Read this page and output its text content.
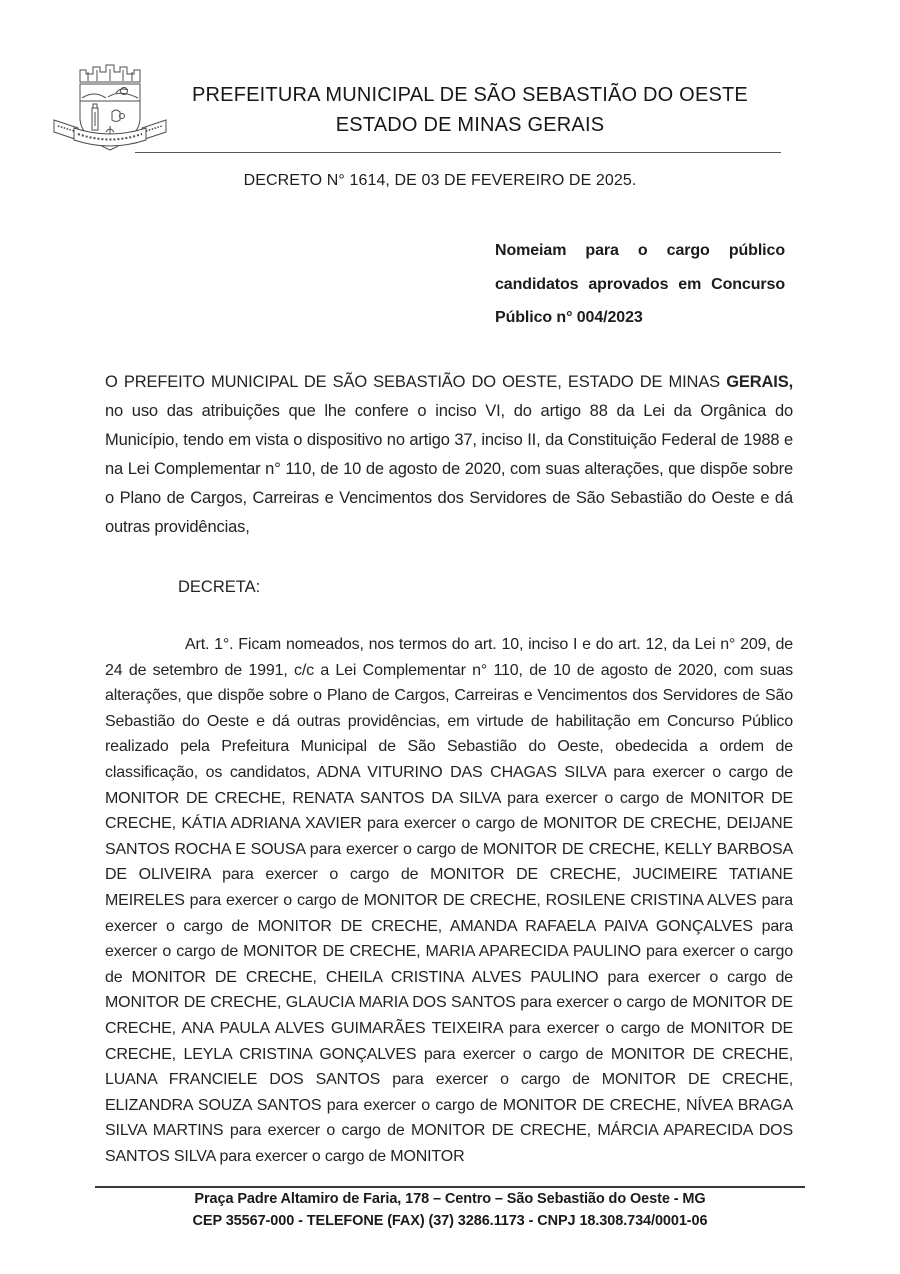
PREFEITURA MUNICIPAL DE SÃO SEBASTIÃO DO OESTE

ESTADO DE MINAS GERAIS

DECRETO N° 1614, DE 03 DE FEVEREIRO DE 2025.

Nomeiam para o cargo público candidatos aprovados em Concurso Público n° 004/2023

O PREFEITO MUNICIPAL DE SÃO SEBASTIÃO DO OESTE, ESTADO DE MINAS GERAIS, no uso das atribuições que lhe confere o inciso VI, do artigo 88 da Lei da Orgânica do Município, tendo em vista o dispositivo no artigo 37, inciso II, da Constituição Federal de 1988 e na Lei Complementar n° 110, de 10 de agosto de 2020, com suas alterações, que dispõe sobre o Plano de Cargos, Carreiras e Vencimentos dos Servidores de São Sebastião do Oeste e dá outras providências,

DECRETA:

Art. 1°. Ficam nomeados, nos termos do art. 10, inciso I e do art. 12, da Lei n° 209, de 24 de setembro de 1991, c/c a Lei Complementar n° 110, de 10 de agosto de 2020, com suas alterações, que dispõe sobre o Plano de Cargos, Carreiras e Vencimentos dos Servidores de São Sebastião do Oeste e dá outras providências, em virtude de habilitação em Concurso Público realizado pela Prefeitura Municipal de São Sebastião do Oeste, obedecida a ordem de classificação, os candidatos, ADNA VITURINO DAS CHAGAS SILVA para exercer o cargo de MONITOR DE CRECHE, RENATA SANTOS DA SILVA para exercer o cargo de MONITOR DE CRECHE, KÁTIA ADRIANA XAVIER para exercer o cargo de MONITOR DE CRECHE, DEIJANE SANTOS ROCHA E SOUSA para exercer o cargo de MONITOR DE CRECHE, KELLY BARBOSA DE OLIVEIRA para exercer o cargo de MONITOR DE CRECHE, JUCIMEIRE TATIANE MEIRELES para exercer o cargo de MONITOR DE CRECHE, ROSILENE CRISTINA ALVES para exercer o cargo de MONITOR DE CRECHE, AMANDA RAFAELA PAIVA GONÇALVES para exercer o cargo de MONITOR DE CRECHE, MARIA APARECIDA PAULINO para exercer o cargo de MONITOR DE CRECHE, CHEILA CRISTINA ALVES PAULINO para exercer o cargo de MONITOR DE CRECHE, GLAUCIA MARIA DOS SANTOS para exercer o cargo de MONITOR DE CRECHE, ANA PAULA ALVES GUIMARÃES TEIXEIRA para exercer o cargo de MONITOR DE CRECHE, LEYLA CRISTINA GONÇALVES para exercer o cargo de MONITOR DE CRECHE, LUANA FRANCIELE DOS SANTOS para exercer o cargo de MONITOR DE CRECHE, ELIZANDRA SOUZA SANTOS para exercer o cargo de MONITOR DE CRECHE, NÍVEA BRAGA SILVA MARTINS para exercer o cargo de MONITOR DE CRECHE, MÁRCIA APARECIDA DOS SANTOS SILVA para exercer o cargo de MONITOR

Praça Padre Altamiro de Faria, 178 – Centro – São Sebastião do Oeste - MG

CEP 35567-000 - TELEFONE (FAX) (37) 3286.1173 - CNPJ 18.308.734/0001-06
